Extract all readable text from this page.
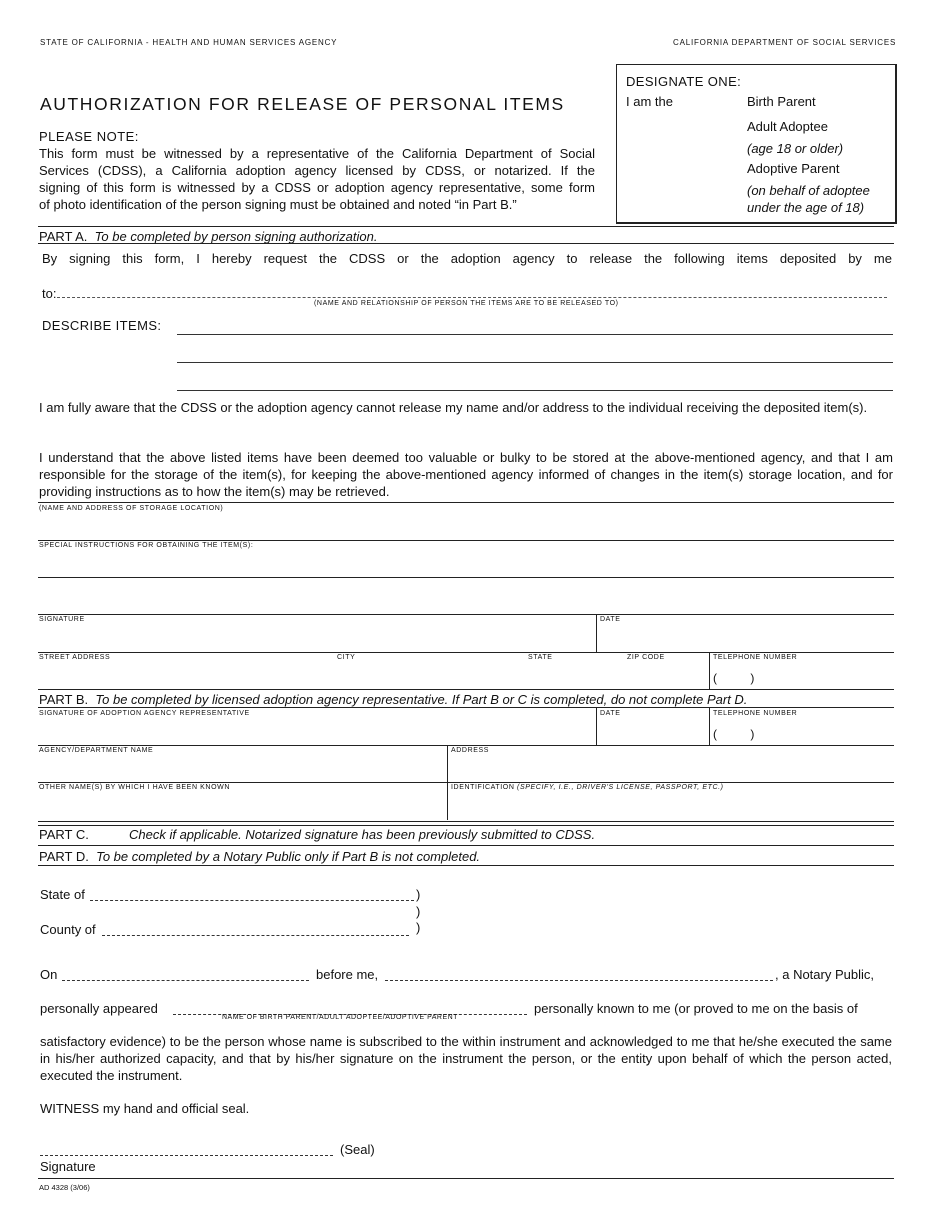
STATE OF CALIFORNIA - HEALTH AND HUMAN SERVICES AGENCY	CALIFORNIA DEPARTMENT OF SOCIAL SERVICES
AUTHORIZATION FOR RELEASE OF PERSONAL ITEMS
PLEASE NOTE:
This form must be witnessed by a representative of the California Department of Social
Services (CDSS), a California adoption agency licensed by CDSS, or notarized. If the
signing of this form is witnessed by a CDSS or adoption agency representative, some form
of photo identification of the person signing must be obtained and noted “in Part B.”
DESIGNATE ONE:
I am the	Birth Parent
Adult Adoptee
(age 18 or older)
Adoptive Parent
(on behalf of adoptee
under the age of 18)
PART A. To be completed by person signing authorization.
By signing this form, I hereby request the CDSS or the adoption agency to release the following items deposited by me
to:
(NAME AND RELATIONSHIP OF PERSON THE ITEMS ARE TO BE RELEASED TO)
DESCRIBE ITEMS:
I am fully aware that the CDSS or the adoption agency cannot release my name and/or address to the individual receiving the deposited item(s).
I understand that the above listed items have been deemed too valuable or bulky to be stored at the above-mentioned agency, and that I am responsible for the storage of the item(s), for keeping the above-mentioned agency informed of changes in the item(s) storage location, and for providing instructions as to how the item(s) may be retrieved.
(NAME AND ADDRESS OF STORAGE LOCATION)
SPECIAL INSTRUCTIONS FOR OBTAINING THE ITEM(S):
SIGNATURE	DATE
STREET ADDRESS	CITY	STATE	ZIP CODE	TELEPHONE NUMBER
(          )
PART B. To be completed by licensed adoption agency representative. If Part B or C is completed, do not complete Part D.
SIGNATURE OF ADOPTION AGENCY REPRESENTATIVE	DATE	TELEPHONE NUMBER
(          )
AGENCY/DEPARTMENT NAME	ADDRESS
OTHER NAME(S) BY WHICH I HAVE BEEN KNOWN	IDENTIFICATION (SPECIFY, I.E., DRIVER'S LICENSE, PASSPORT, ETC.)
PART C.	Check if applicable. Notarized signature has been previously submitted to CDSS.
PART D. To be completed by a Notary Public only if Part B is not completed.
State of	)
)
)
County of
On	before me,	, a Notary Public,
personally appeared
NAME OF BIRTH PARENT/ADULT ADOPTEE/ADOPTIVE PARENT
personally known to me (or proved to me on the basis of
satisfactory evidence) to be the person whose name is subscribed to the within instrument and acknowledged to me that he/she executed the same in his/her authorized capacity, and that by his/her signature on the instrument the person, or the entity upon behalf of which the person acted, executed the instrument.
WITNESS my hand and official seal.
(Seal)
Signature
AD 4328 (3/06)
